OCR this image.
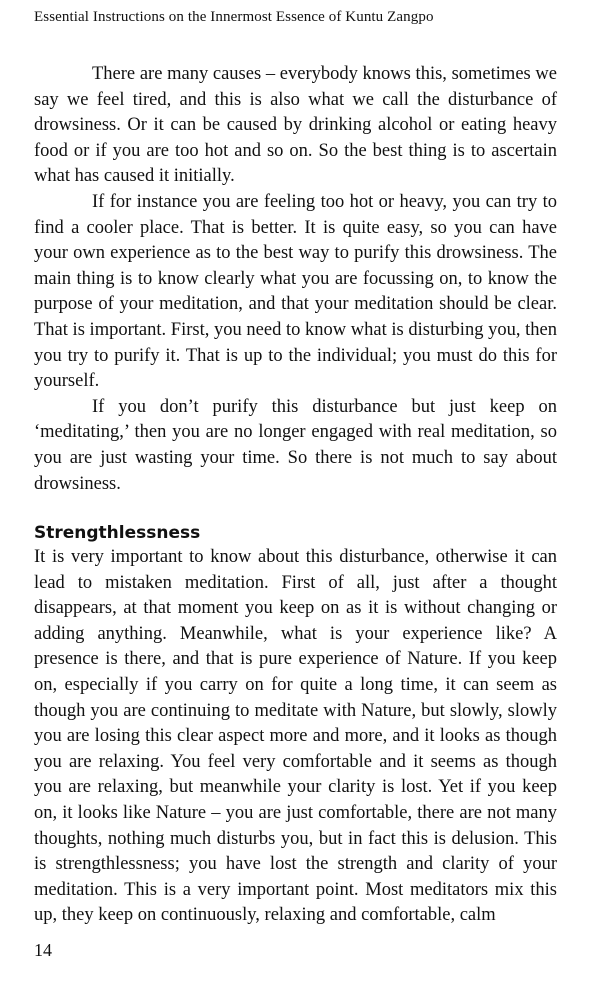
Essential Instructions on the Innermost Essence of Kuntu Zangpo

There are many causes – everybody knows this, sometimes we say we feel tired, and this is also what we call the disturbance of drowsiness. Or it can be caused by drinking alcohol or eating heavy food or if you are too hot and so on. So the best thing is to ascertain what has caused it initially.

If for instance you are feeling too hot or heavy, you can try to find a cooler place. That is better. It is quite easy, so you can have your own experience as to the best way to purify this drowsiness. The main thing is to know clearly what you are focussing on, to know the purpose of your meditation, and that your meditation should be clear. That is important. First, you need to know what is disturbing you, then you try to purify it. That is up to the individual; you must do this for yourself.

If you don’t purify this disturbance but just keep on ‘meditating,’ then you are no longer engaged with real meditation, so you are just wasting your time. So there is not much to say about drowsiness.

Strengthlessness

It is very important to know about this disturbance, otherwise it can lead to mistaken meditation. First of all, just after a thought disappears, at that moment you keep on as it is without changing or adding anything. Meanwhile, what is your experience like? A presence is there, and that is pure experience of Nature. If you keep on, especially if you carry on for quite a long time, it can seem as though you are continuing to meditate with Nature, but slowly, slowly you are losing this clear aspect more and more, and it looks as though you are relaxing. You feel very comfortable and it seems as though you are relaxing, but meanwhile your clarity is lost. Yet if you keep on, it looks like Nature – you are just comfortable, there are not many thoughts, nothing much disturbs you, but in fact this is delusion. This is strengthlessness; you have lost the strength and clarity of your meditation. This is a very important point. Most meditators mix this up, they keep on continuously, relaxing and comfortable, calm

14
